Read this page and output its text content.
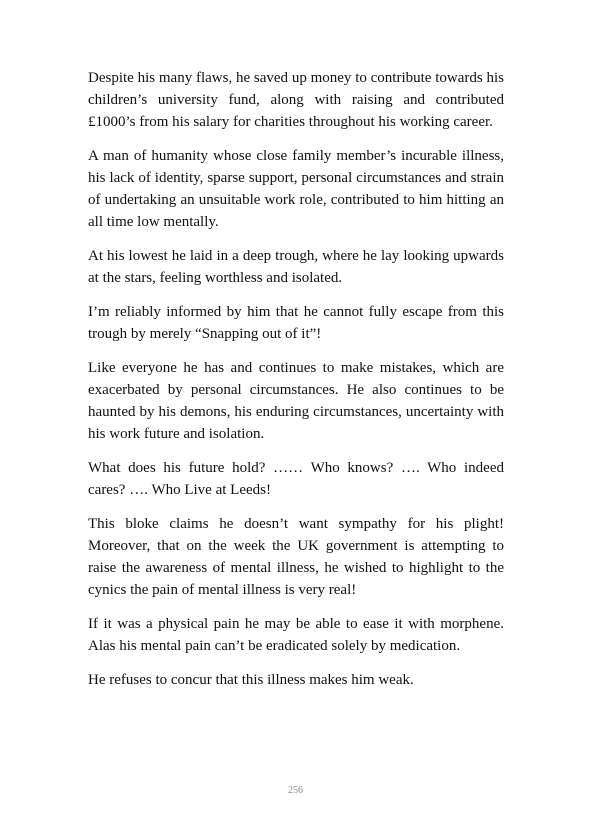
Despite his many flaws, he saved up money to contribute towards his children’s university fund, along with raising and contributed £1000’s from his salary for charities throughout his working career.

A man of humanity whose close family member’s incurable illness, his lack of identity, sparse support, personal circumstances and strain of undertaking an unsuitable work role, contributed to him hitting an all time low mentally.

At his lowest he laid in a deep trough, where he lay looking upwards at the stars, feeling worthless and isolated.

I’m reliably informed by him that he cannot fully escape from this trough by merely “Snapping out of it”!

Like everyone he has and continues to make mistakes, which are exacerbated by personal circumstances. He also continues to be haunted by his demons, his enduring circumstances, uncertainty with his work future and isolation.

What does his future hold? …… Who knows? …. Who indeed cares? …. Who Live at Leeds!

This bloke claims he doesn’t want sympathy for his plight! Moreover, that on the week the UK government is attempting to raise the awareness of mental illness, he wished to highlight to the cynics the pain of mental illness is very real!

If it was a physical pain he may be able to ease it with morphene. Alas his mental pain can’t be eradicated solely by medication.

He refuses to concur that this illness makes him weak.

256
